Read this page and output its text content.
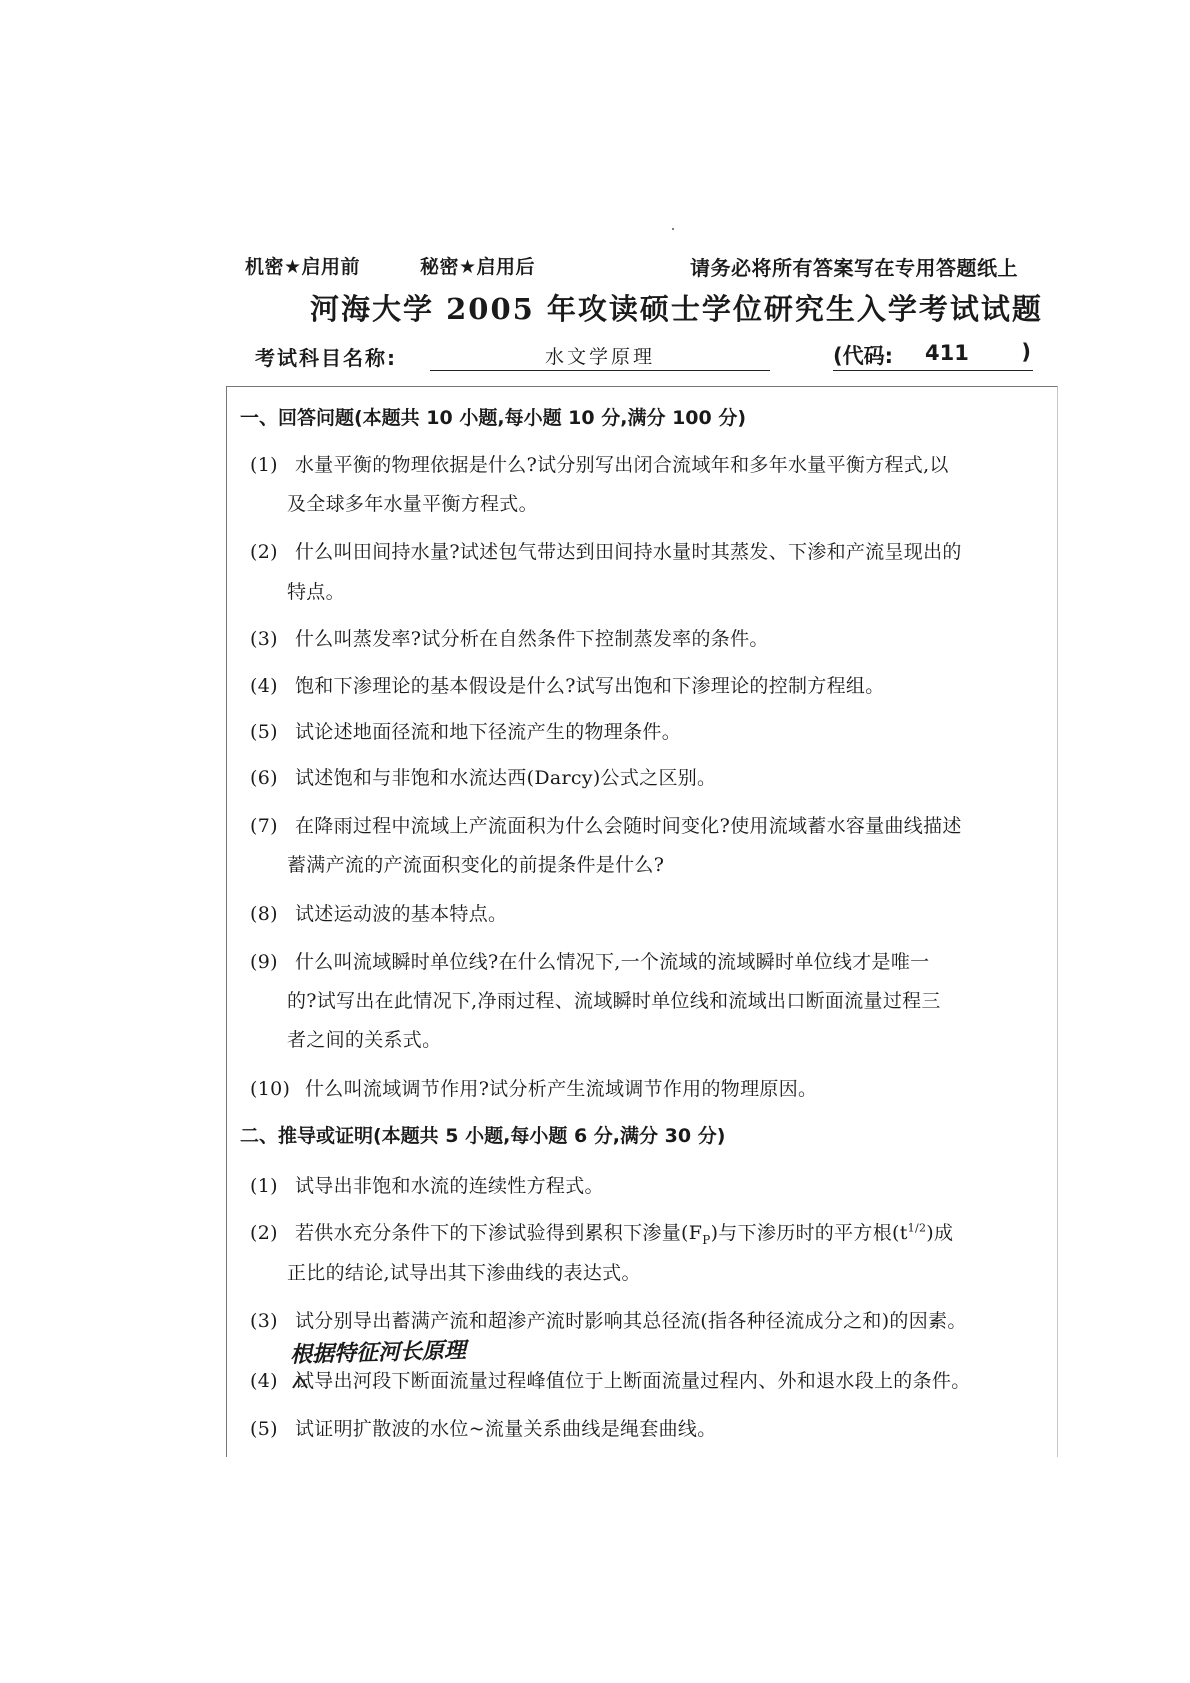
机密★启用前	秘密★启用后	请务必将所有答案写在专用答题纸上
河海大学 2005 年攻读硕士学位研究生入学考试试题
考试科目名称:	水文学原理	(代码: 411	)
一、回答问题(本题共 10 小题,每小题 10 分,满分 100 分)
(1) 水量平衡的物理依据是什么?试分别写出闭合流域年和多年水量平衡方程式,以
及全球多年水量平衡方程式。
(2) 什么叫田间持水量?试述包气带达到田间持水量时其蒸发、下渗和产流呈现出的
特点。
(3) 什么叫蒸发率?试分析在自然条件下控制蒸发率的条件。
(4) 饱和下渗理论的基本假设是什么?试写出饱和下渗理论的控制方程组。
(5) 试论述地面径流和地下径流产生的物理条件。
(6) 试述饱和与非饱和水流达西(Darcy)公式之区别。
(7) 在降雨过程中流域上产流面积为什么会随时间变化?使用流域蓄水容量曲线描述
蓄满产流的产流面积变化的前提条件是什么?
(8) 试述运动波的基本特点。
(9) 什么叫流域瞬时单位线?在什么情况下,一个流域的流域瞬时单位线才是唯一
的?试写出在此情况下,净雨过程、流域瞬时单位线和流域出口断面流量过程三
者之间的关系式。
(10) 什么叫流域调节作用?试分析产生流域调节作用的物理原因。
二、推导或证明(本题共 5 小题,每小题 6 分,满分 30 分)
(1) 试导出非饱和水流的连续性方程式。
(2) 若供水充分条件下的下渗试验得到累积下渗量$(F_P)$与下渗历时的平方根$(t^{1/2})$成
正比的结论,试导出其下渗曲线的表达式。
(3) 试分别导出蓄满产流和超渗产流时影响其总径流(指各种径流成分之和)的因素。
根据特征河长原理
(4) 试导出河段下断面流量过程峰值位于上断面流量过程内、外和退水段上的条件。
(5) 试证明扩散波的水位~流量关系曲线是绳套曲线。
